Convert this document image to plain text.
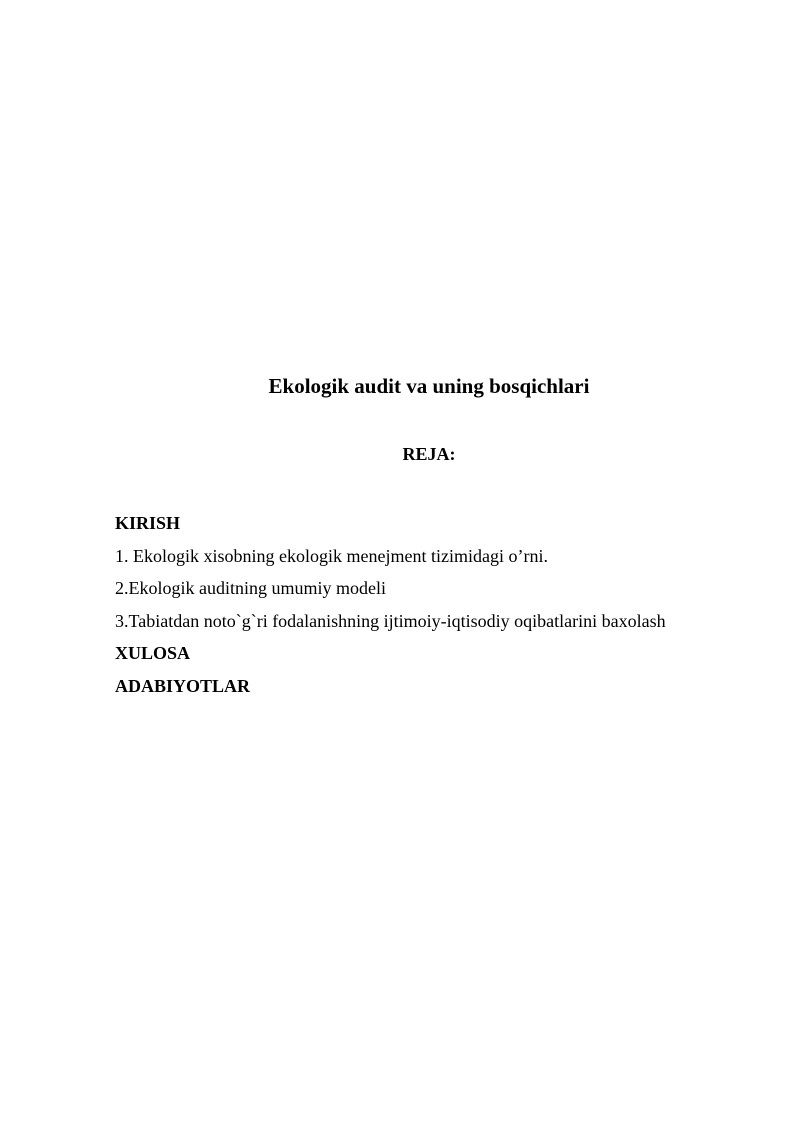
Ekologik audit va uning bosqichlari
REJA:
KIRISH
1. Ekologik xisobning ekologik menejment tizimidagi o’rni.
2.Ekologik auditning umumiy modeli
3.Tabiatdan noto`g`ri fodalanishning ijtimoiy-iqtisodiy oqibatlarini baxolash
XULOSA
ADABIYOTLAR
